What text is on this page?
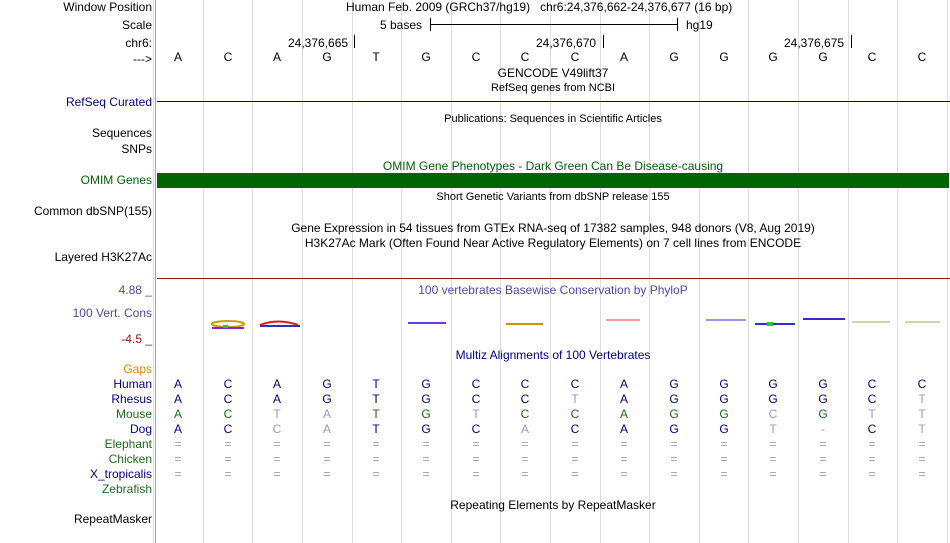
Window Position	Human Feb. 2009 (GRCh37/hg19)   chr6:24,376,662-24,376,677 (16 bp)
Scale	5 bases	hg19
chr6:	24,376,665	24,376,670	24,376,675
--->	A	C	A	G	T	G	C	C	C	A	G	G	G	G	C	C
GENCODE V49lift37
RefSeq genes from NCBI
RefSeq Curated
Publications: Sequences in Scientific Articles
Sequences
SNPs
OMIM Gene Phenotypes - Dark Green Can Be Disease-causing
OMIM Genes
Short Genetic Variants from dbSNP release 155
Common dbSNP(155)
Gene Expression in 54 tissues from GTEx RNA-seq of 17382 samples, 948 donors (V8, Aug 2019)
H3K27Ac Mark (Often Found Near Active Regulatory Elements) on 7 cell lines from ENCODE
Layered H3K27Ac
4.88 _	100 vertebrates Basewise Conservation by PhyloP
100 Vert. Cons
-4.5 _
Multiz Alignments of 100 Vertebrates
Gaps
Human	A	C	A	G	T	G	C	C	C	A	G	G	G	G	C	C
Rhesus	A	C	A	G	T	G	C	C	T	A	G	G	G	G	C	T
Mouse	A	C	T	A	T	G	T	C	C	A	G	G	C	G	T	T
Dog	A	C	C	A	T	G	C	A	C	A	G	G	T	-	C	T
Elephant	=	=	=	=	=	=	=	=	=	=	=	=	=	=	=	=
Chicken	=	=	=	=	=	=	=	=	=	=	=	=	=	=	=	=
X_tropicalis	=	=	=	=	=	=	=	=	=	=	=	=	=	=	=	=
Zebrafish
Repeating Elements by RepeatMasker
RepeatMasker
